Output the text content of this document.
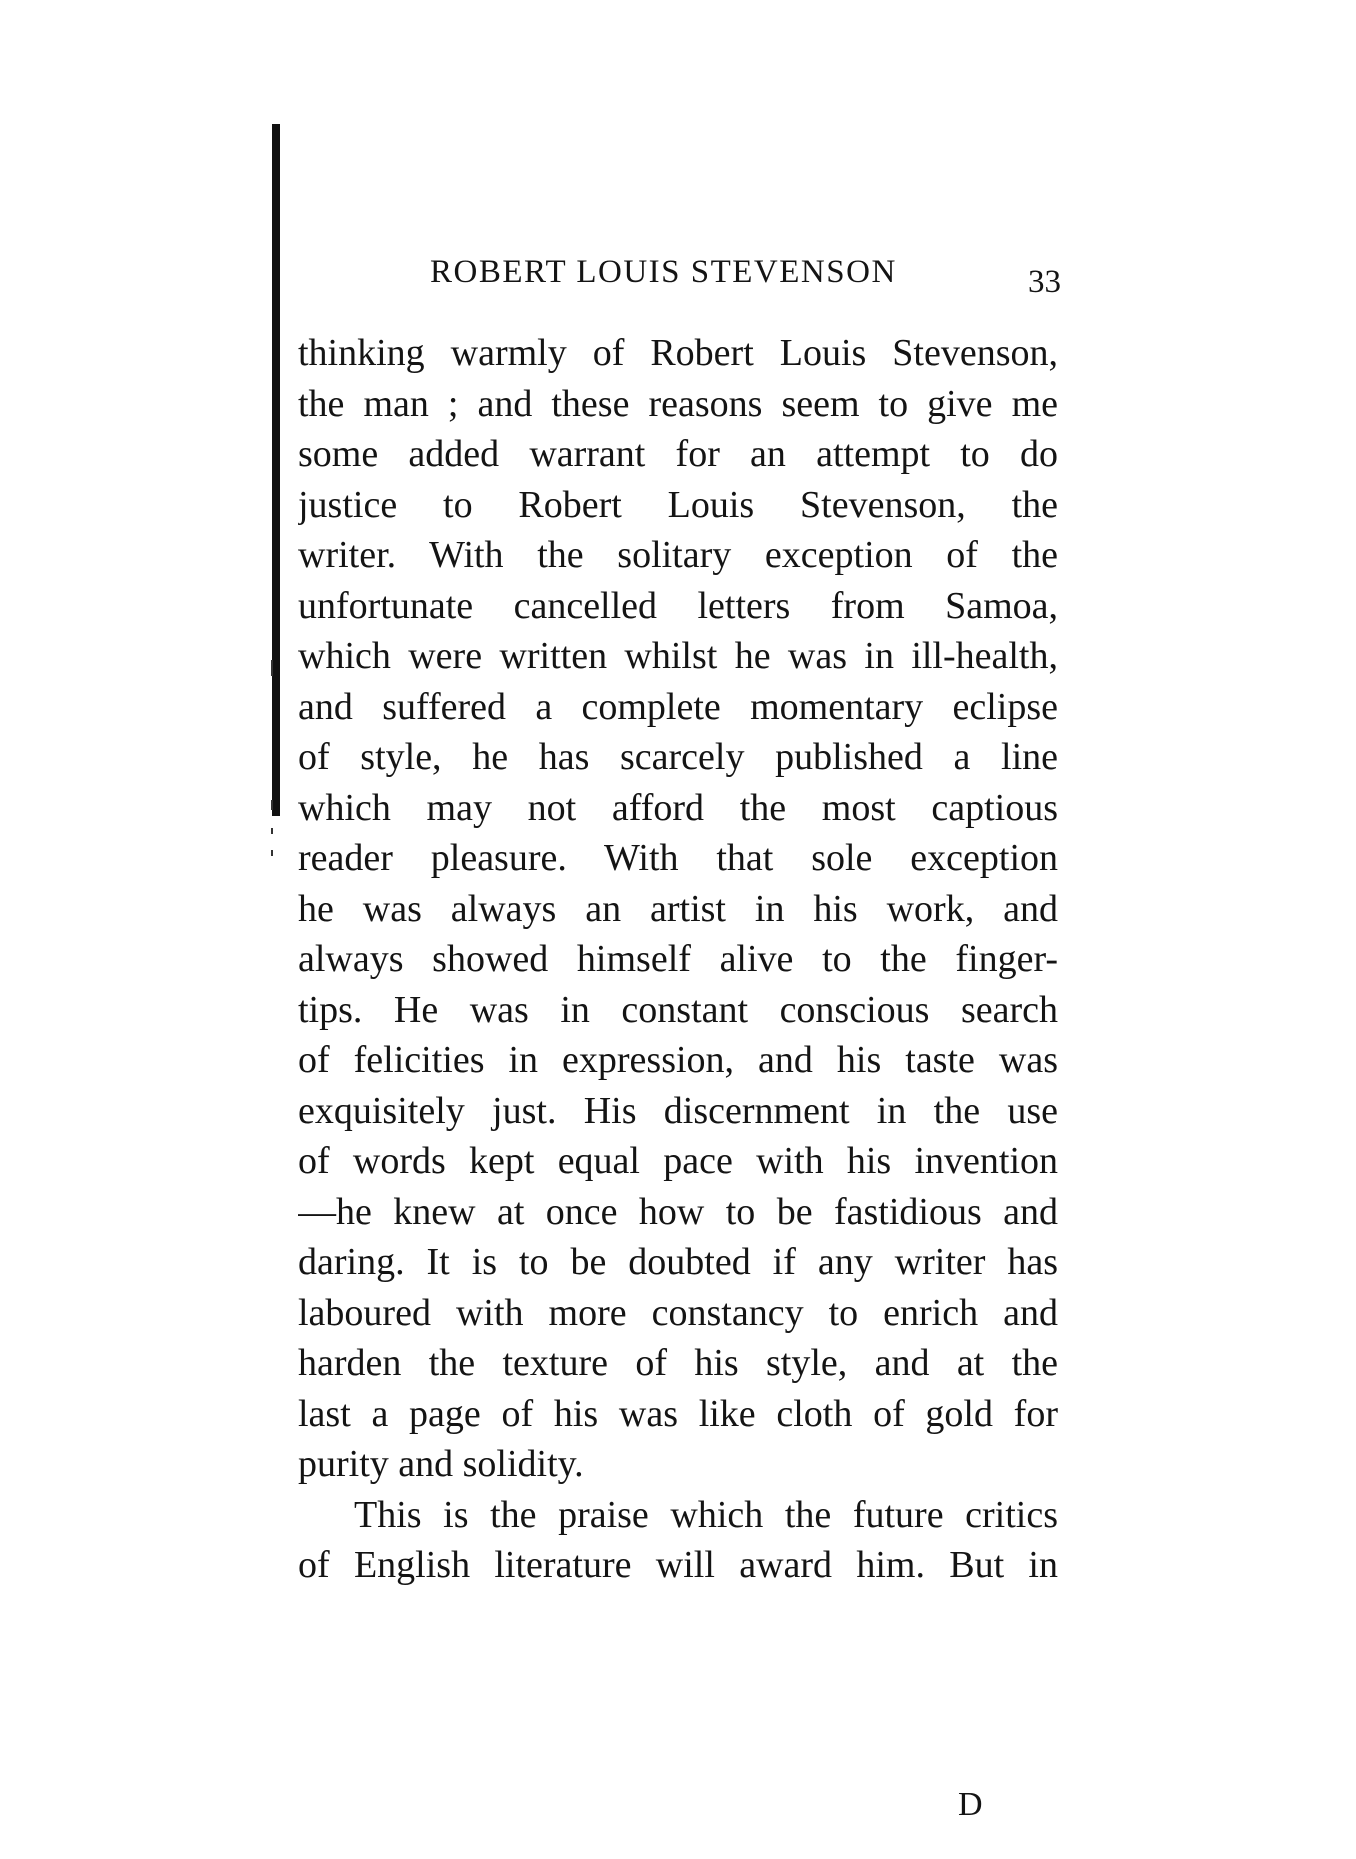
ROBERT LOUIS STEVENSON	33
thinking warmly of Robert Louis Stevenson,
the man ; and these reasons seem to give me
some added warrant for an attempt to do
justice to Robert Louis Stevenson, the
writer. With the solitary exception of the
unfortunate cancelled letters from Samoa,
which were written whilst he was in ill-health,
and suffered a complete momentary eclipse
of style, he has scarcely published a line
which may not afford the most captious
reader pleasure. With that sole exception
he was always an artist in his work, and
always showed himself alive to the finger-
tips. He was in constant conscious search
of felicities in expression, and his taste was
exquisitely just. His discernment in the use
of words kept equal pace with his invention
—he knew at once how to be fastidious and
daring. It is to be doubted if any writer has
laboured with more constancy to enrich and
harden the texture of his style, and at the
last a page of his was like cloth of gold for
purity and solidity.
This is the praise which the future critics
of English literature will award him. But in
D
